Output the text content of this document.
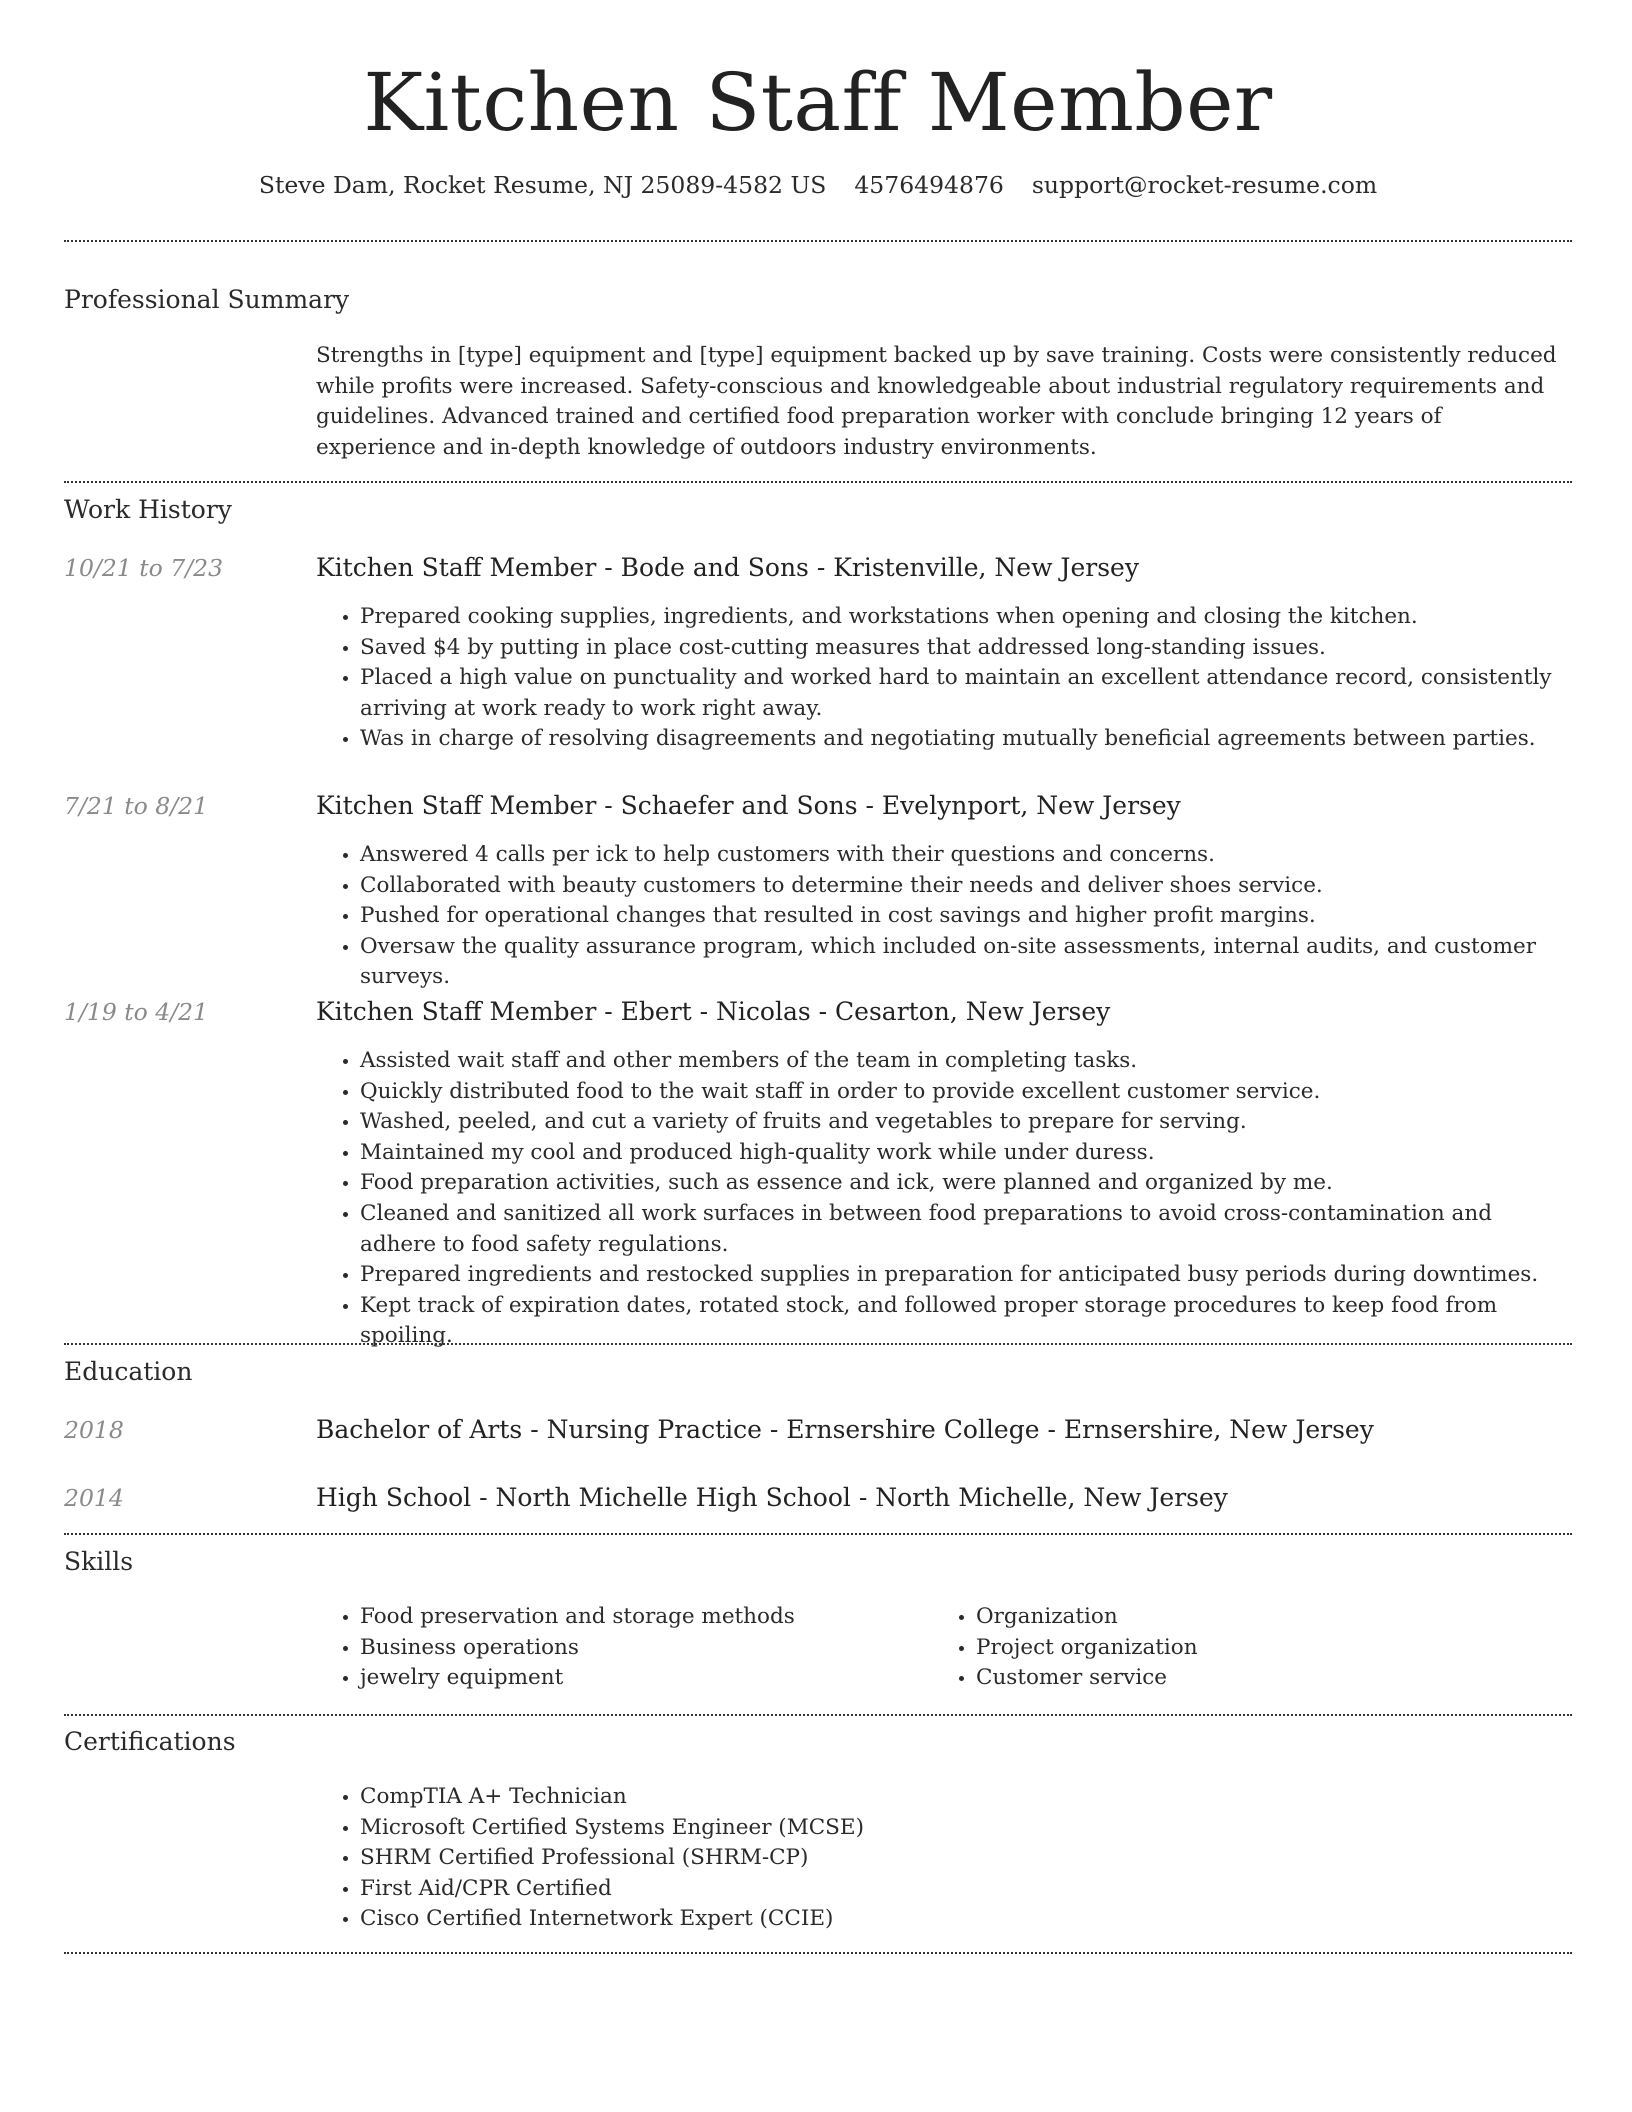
Kitchen Staff Member
Steve Dam, Rocket Resume, NJ 25089-4582 US 4576494876 support@rocket-resume.com
Professional Summary
Strengths in [type] equipment and [type] equipment backed up by save training. Costs were consistently reduced while profits were increased. Safety-conscious and knowledgeable about industrial regulatory requirements and guidelines. Advanced trained and certified food preparation worker with conclude bringing 12 years of experience and in-depth knowledge of outdoors industry environments.
Work History
10/21 to 7/23	Kitchen Staff Member - Bode and Sons - Kristenville, New Jersey
• Prepared cooking supplies, ingredients, and workstations when opening and closing the kitchen.
• Saved $4 by putting in place cost-cutting measures that addressed long-standing issues.
• Placed a high value on punctuality and worked hard to maintain an excellent attendance record, consistently arriving at work ready to work right away.
• Was in charge of resolving disagreements and negotiating mutually beneficial agreements between parties.
7/21 to 8/21	Kitchen Staff Member - Schaefer and Sons - Evelynport, New Jersey
• Answered 4 calls per ick to help customers with their questions and concerns.
• Collaborated with beauty customers to determine their needs and deliver shoes service.
• Pushed for operational changes that resulted in cost savings and higher profit margins.
• Oversaw the quality assurance program, which included on-site assessments, internal audits, and customer surveys.
1/19 to 4/21	Kitchen Staff Member - Ebert - Nicolas - Cesarton, New Jersey
• Assisted wait staff and other members of the team in completing tasks.
• Quickly distributed food to the wait staff in order to provide excellent customer service.
• Washed, peeled, and cut a variety of fruits and vegetables to prepare for serving.
• Maintained my cool and produced high-quality work while under duress.
• Food preparation activities, such as essence and ick, were planned and organized by me.
• Cleaned and sanitized all work surfaces in between food preparations to avoid cross-contamination and adhere to food safety regulations.
• Prepared ingredients and restocked supplies in preparation for anticipated busy periods during downtimes.
• Kept track of expiration dates, rotated stock, and followed proper storage procedures to keep food from spoiling.
Education
2018	Bachelor of Arts - Nursing Practice - Ernsershire College - Ernsershire, New Jersey
2014	High School - North Michelle High School - North Michelle, New Jersey
Skills
• Food preservation and storage methods
• Business operations
• jewelry equipment
• Organization
• Project organization
• Customer service
Certifications
• CompTIA A+ Technician
• Microsoft Certified Systems Engineer (MCSE)
• SHRM Certified Professional (SHRM-CP)
• First Aid/CPR Certified
• Cisco Certified Internetwork Expert (CCIE)
